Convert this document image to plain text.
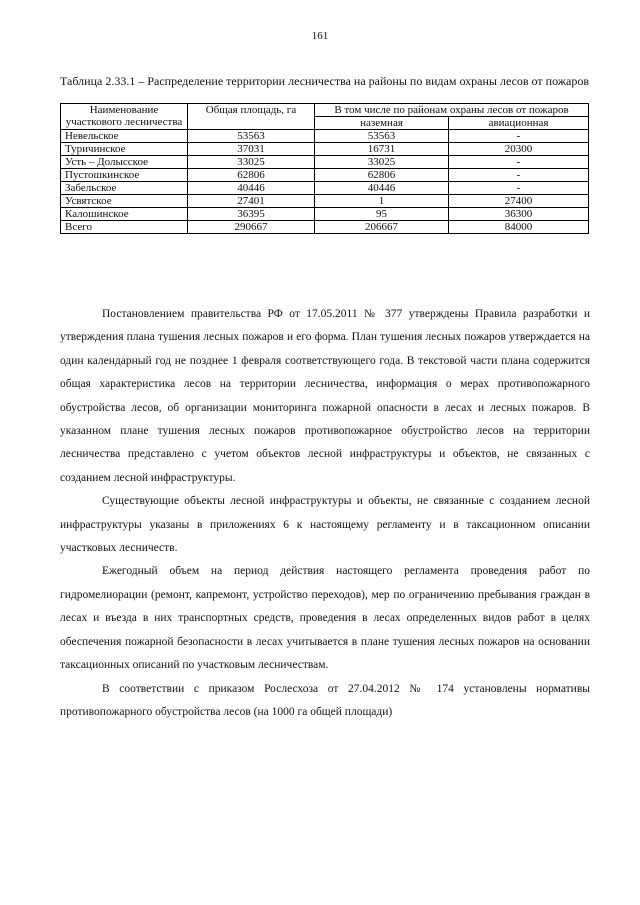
161
Таблица 2.33.1 – Распределение территории лесничества на районы по видам охраны лесов от пожаров
Наименование участкового лесничества	Общая площадь, га	В том числе по районам охраны лесов от пожаров	
		наземная	авиационная
Невельское	53563	53563	-
Туричинское	37031	16731	20300
Усть – Долысское	33025	33025	-
Пустошкинское	62806	62806	-
Забельское	40446	40446	-
Усвятское	27401	1	27400
Калошинское	36395	95	36300
Всего	290667	206667	84000

Постановлением правительства РФ от 17.05.2011 № 377 утверждены Правила разработки и утверждения плана тушения лесных пожаров и его форма. План тушения лесных пожаров утверждается на один календарный год не позднее 1 февраля соответствующего года. В текстовой части плана содержится общая характеристика лесов на территории лесничества, информация о мерах противопожарного обустройства лесов, об организации мониторинга пожарной опасности в лесах и лесных пожаров. В указанном плане тушения лесных пожаров противопожарное обустройство лесов на территории лесничества представлено с учетом объектов лесной инфраструктуры и объектов, не связанных с созданием лесной инфраструктуры.

Существующие объекты лесной инфраструктуры и объекты, не связанные с созданием лесной инфраструктуры указаны в приложениях 6 к настоящему регламенту и в таксационном описании участковых лесничеств.

Ежегодный объем на период действия настоящего регламента проведения работ по гидромелиорации (ремонт, капремонт, устройство переходов), мер по ограничению пребывания граждан в лесах и въезда в них транспортных средств, проведения в лесах определенных видов работ в целях обеспечения пожарной безопасности в лесах учитывается в плане тушения лесных пожаров на основании таксационных описаний по участковым лесничествам.

В соответствии с приказом Рослесхоза от 27.04.2012 № 174 установлены нормативы противопожарного обустройства лесов (на 1000 га общей площади)
